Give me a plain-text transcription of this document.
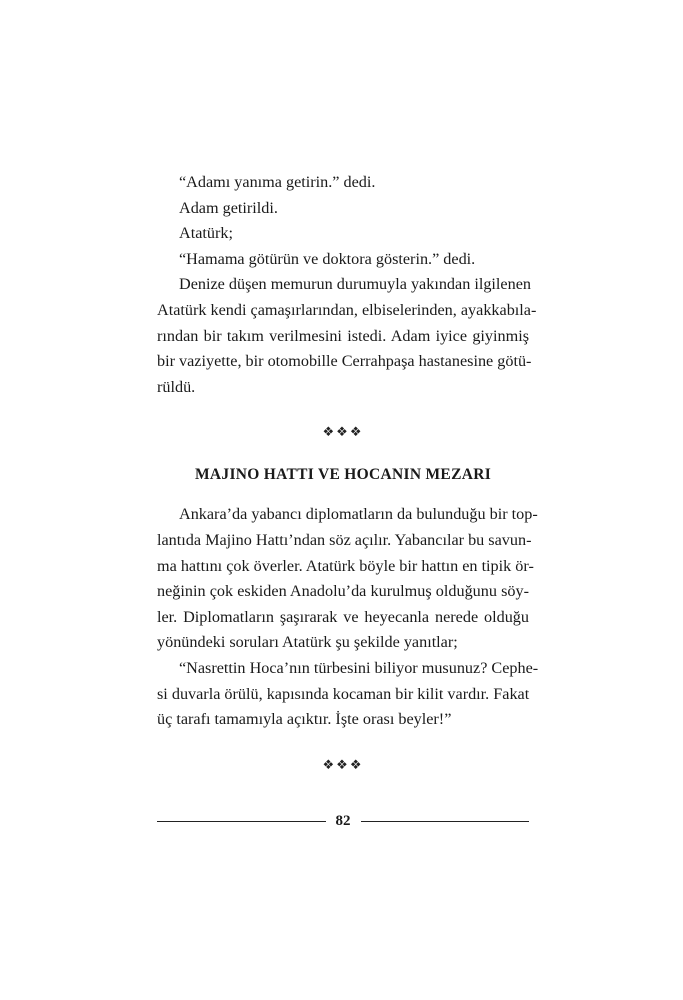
“Adamı yanıma getirin.” dedi.
Adam getirildi.
Atatürk;
“Hamama götürün ve doktora gösterin.” dedi.
Denize düşen memurun durumuyla yakından ilgilenen
Atatürk kendi çamaşırlarından, elbiselerinden, ayakkabıla-
rından bir takım verilmesini istedi. Adam iyice giyinmiş
bir vaziyette, bir otomobille Cerrahpaşa hastanesine götü-
rüldü.
❖❖❖
MAJINO HATTI VE HOCANIN MEZARI
Ankara’da yabancı diplomatların da bulunduğu bir top-
lantıda Majino Hattı’ndan söz açılır. Yabancılar bu savun-
ma hattını çok överler. Atatürk böyle bir hattın en tipik ör-
neğinin çok eskiden Anadolu’da kurulmuş olduğunu söy-
ler. Diplomatların şaşırarak ve heyecanla nerede olduğu
yönündeki soruları Atatürk şu şekilde yanıtlar;
“Nasrettin Hoca’nın türbesini biliyor musunuz? Cephe-
si duvarla örülü, kapısında kocaman bir kilit vardır. Fakat
üç tarafı tamamıyla açıktır. İşte orası beyler!”
❖❖❖
82
